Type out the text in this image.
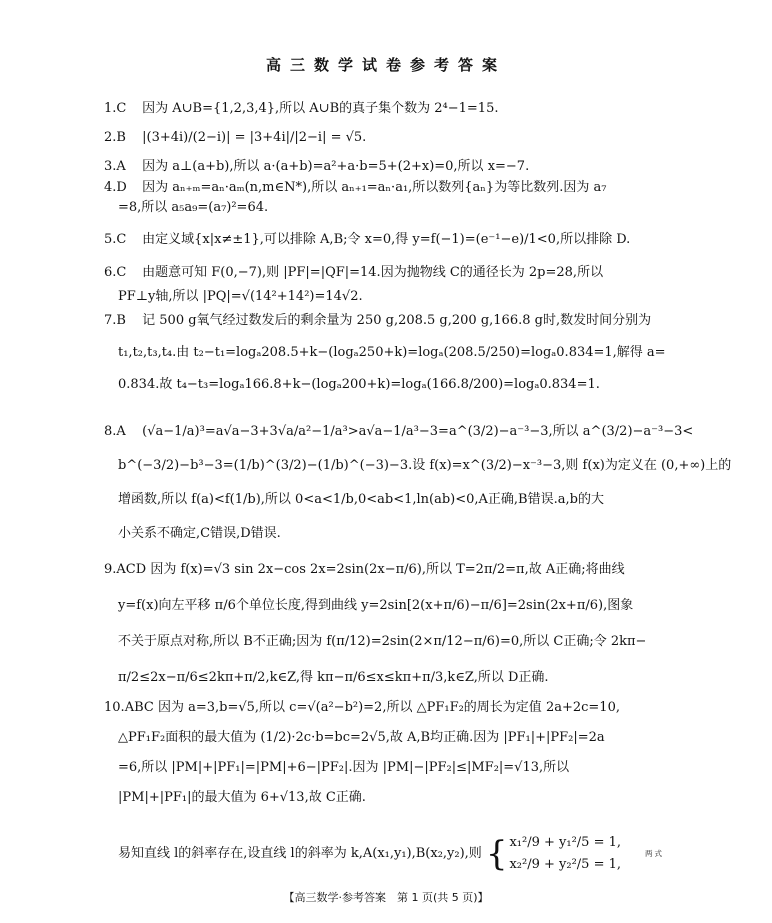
高三数学试卷参考答案
1.C 因为 A∪B={1,2,3,4},所以 A∪B的真子集个数为 2⁴−1=15.
2.B |(3+4i)/(2−i)| = |3+4i|/|2−i| = √5.
3.A 因为 a⊥(a+b),所以 a·(a+b)=a²+a·b=5+(2+x)=0,所以 x=−7.
4.D 因为 aₙ₊ₘ=aₙ·aₘ(n,m∈N*),所以 aₙ₊₁=aₙ·a₁,所以数列{aₙ}为等比数列.因为 a₇
=8,所以 a₅a₉=(a₇)²=64.
5.C 由定义域{x|x≠±1},可以排除 A,B;令 x=0,得 y=f(−1)=(e⁻¹−e)/1<0,所以排除 D.
6.C 由题意可知 F(0,−7),则 |PF|=|QF|=14.因为抛物线 C的通径长为 2p=28,所以
PF⊥y轴,所以 |PQ|=√(14²+14²)=14√2.
7.B 记 500 g氧气经过数发后的剩余量为 250 g,208.5 g,200 g,166.8 g时,数发时间分别为
t₁,t₂,t₃,t₄.由 t₂−t₁=logₐ208.5+k−(logₐ250+k)=logₐ(208.5/250)=logₐ0.834=1,解得 a=
0.834.故 t₄−t₃=logₐ166.8+k−(logₐ200+k)=logₐ(166.8/200)=logₐ0.834=1.
8.A (√a−1/a)³=a√a−3+3√a/a²−1/a³>a√a−1/a³−3=a^(3/2)−a⁻³−3,所以 a^(3/2)−a⁻³−3<
b^(−3/2)−b³−3=(1/b)^(3/2)−(1/b)^(−3)−3.设 f(x)=x^(3/2)−x⁻³−3,则 f(x)为定义在 (0,+∞)上的
增函数,所以 f(a)<f(1/b),所以 0<a<1/b,0<ab<1,ln(ab)<0,A正确,B错误.a,b的大
小关系不确定,C错误,D错误.
9.ACD 因为 f(x)=√3 sin 2x−cos 2x=2sin(2x−π/6),所以 T=2π/2=π,故 A正确;将曲线
y=f(x)向左平移 π/6个单位长度,得到曲线 y=2sin[2(x+π/6)−π/6]=2sin(2x+π/6),图象
不关于原点对称,所以 B不正确;因为 f(π/12)=2sin(2×π/12−π/6)=0,所以 C正确;令 2kπ−
π/2≤2x−π/6≤2kπ+π/2,k∈Z,得 kπ−π/6≤x≤kπ+π/3,k∈Z,所以 D正确.
10.ABC 因为 a=3,b=√5,所以 c=√(a²−b²)=2,所以 △PF₁F₂的周长为定值 2a+2c=10,
△PF₁F₂面积的最大值为 (1/2)·2c·b=bc=2√5,故 A,B均正确.因为 |PF₁|+|PF₂|=2a
=6,所以 |PM|+|PF₁|=|PM|+6−|PF₂|.因为 |PM|−|PF₂|≤|MF₂|=√13,所以
|PM|+|PF₁|的最大值为 6+√13,故 C正确.
易知直线 l的斜率存在,设直线 l的斜率为 k,A(x₁,y₁),B(x₂,y₂),则 { x₁²/9 + y₁²/5 = 1,
x₂²/9 + y₂²/5 = 1,
两式
【高三数学·参考答案　第 1 页(共 5 页)】
